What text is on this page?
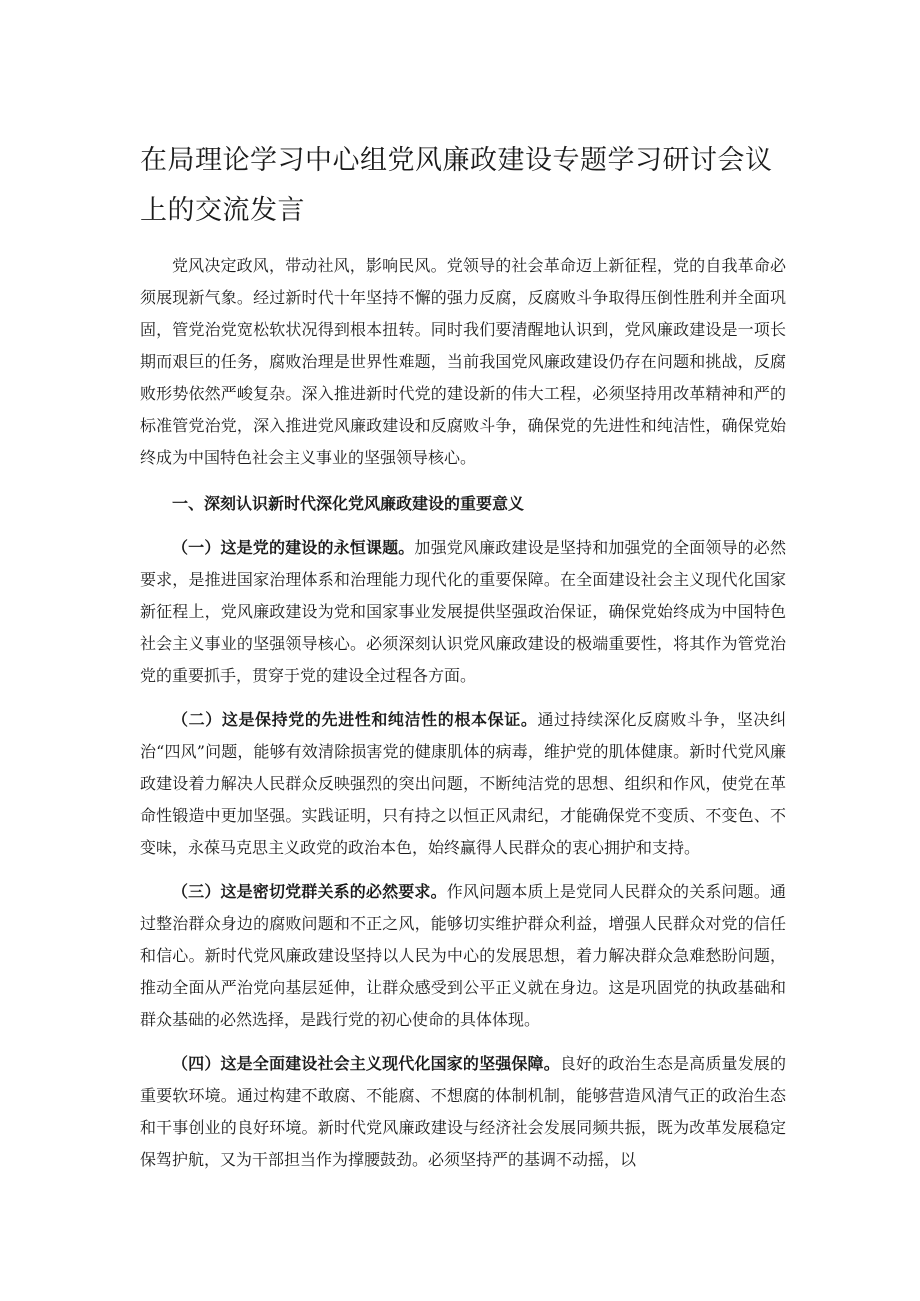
在局理论学习中心组党风廉政建设专题学习研讨会议上的交流发言

党风决定政风，带动社风，影响民风。党领导的社会革命迈上新征程，党的自我革命必须展现新气象。经过新时代十年坚持不懈的强力反腐，反腐败斗争取得压倒性胜利并全面巩固，管党治党宽松软状况得到根本扭转。同时我们要清醒地认识到，党风廉政建设是一项长期而艰巨的任务，腐败治理是世界性难题，当前我国党风廉政建设仍存在问题和挑战，反腐败形势依然严峻复杂。深入推进新时代党的建设新的伟大工程，必须坚持用改革精神和严的标准管党治党，深入推进党风廉政建设和反腐败斗争，确保党的先进性和纯洁性，确保党始终成为中国特色社会主义事业的坚强领导核心。

一、深刻认识新时代深化党风廉政建设的重要意义

（一）这是党的建设的永恒课题。加强党风廉政建设是坚持和加强党的全面领导的必然要求，是推进国家治理体系和治理能力现代化的重要保障。在全面建设社会主义现代化国家新征程上，党风廉政建设为党和国家事业发展提供坚强政治保证，确保党始终成为中国特色社会主义事业的坚强领导核心。必须深刻认识党风廉政建设的极端重要性，将其作为管党治党的重要抓手，贯穿于党的建设全过程各方面。

（二）这是保持党的先进性和纯洁性的根本保证。通过持续深化反腐败斗争，坚决纠治“四风”问题，能够有效清除损害党的健康肌体的病毒，维护党的肌体健康。新时代党风廉政建设着力解决人民群众反映强烈的突出问题，不断纯洁党的思想、组织和作风，使党在革命性锻造中更加坚强。实践证明，只有持之以恒正风肃纪，才能确保党不变质、不变色、不变味，永葆马克思主义政党的政治本色，始终赢得人民群众的衷心拥护和支持。

（三）这是密切党群关系的必然要求。作风问题本质上是党同人民群众的关系问题。通过整治群众身边的腐败问题和不正之风，能够切实维护群众利益，增强人民群众对党的信任和信心。新时代党风廉政建设坚持以人民为中心的发展思想，着力解决群众急难愁盼问题，推动全面从严治党向基层延伸，让群众感受到公平正义就在身边。这是巩固党的执政基础和群众基础的必然选择，是践行党的初心使命的具体体现。

（四）这是全面建设社会主义现代化国家的坚强保障。良好的政治生态是高质量发展的重要软环境。通过构建不敢腐、不能腐、不想腐的体制机制，能够营造风清气正的政治生态和干事创业的良好环境。新时代党风廉政建设与经济社会发展同频共振，既为改革发展稳定保驾护航，又为干部担当作为撑腰鼓劲。必须坚持严的基调不动摇，以
